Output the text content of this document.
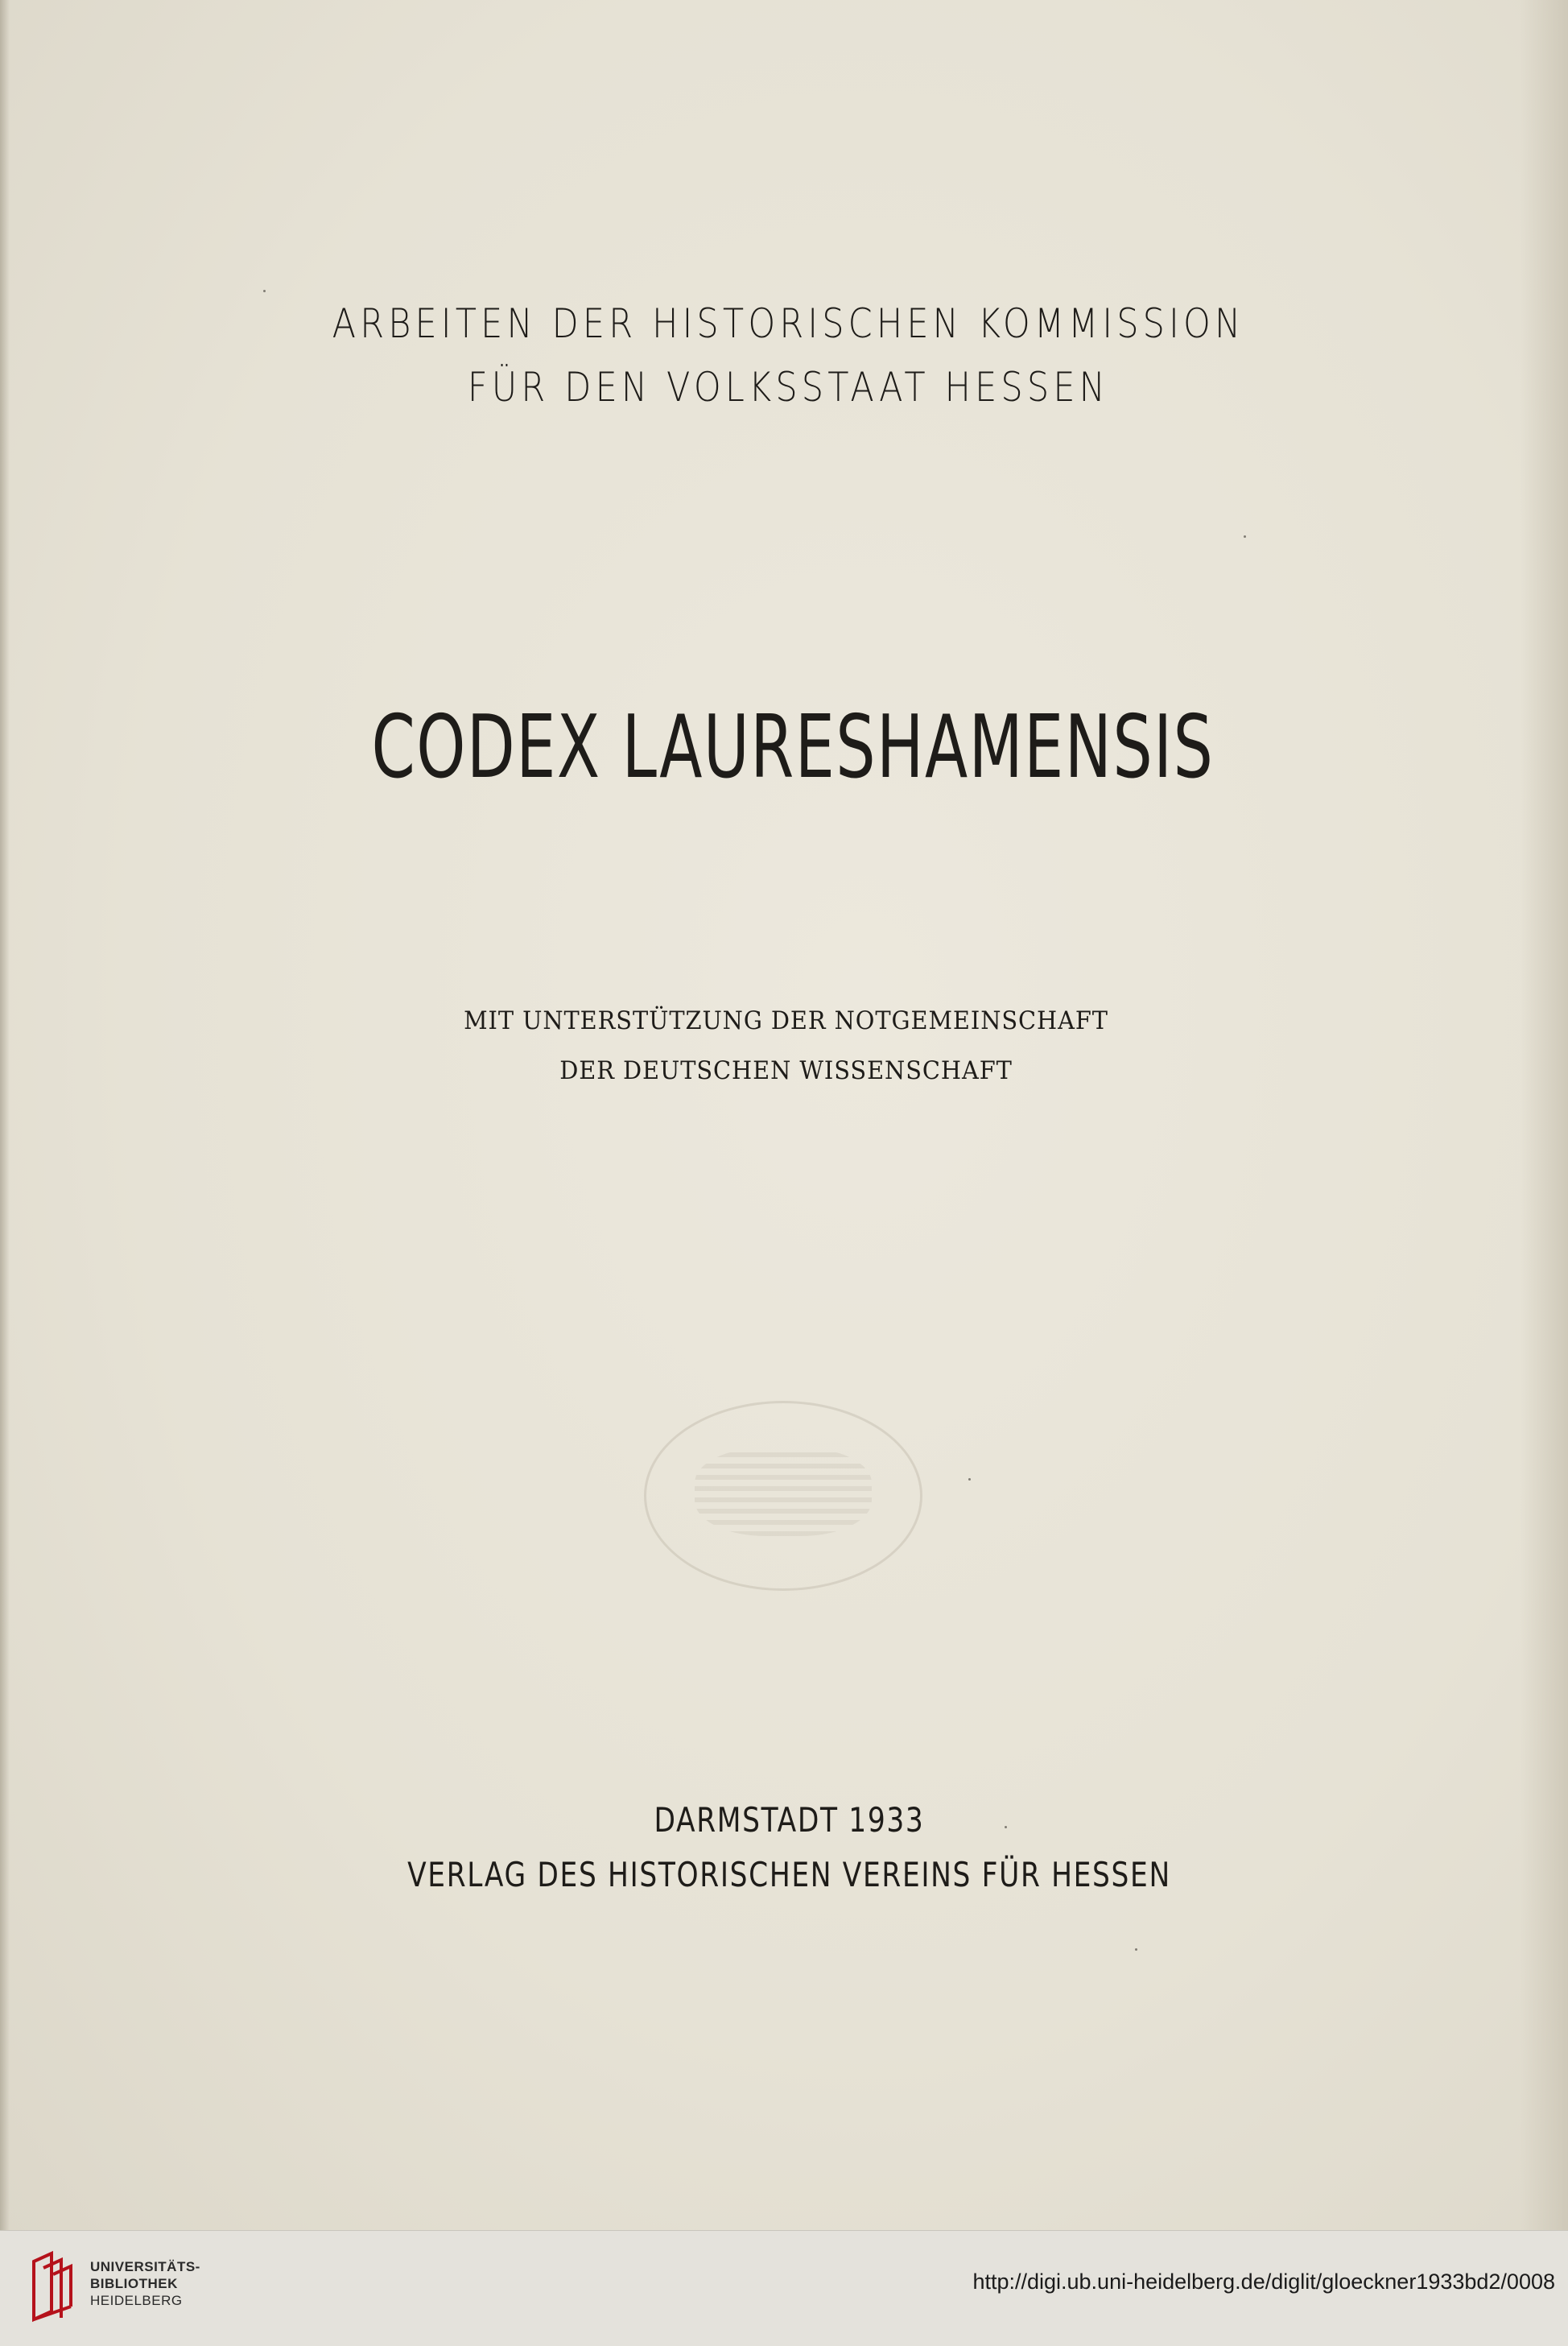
ARBEITEN DER HISTORISCHEN KOMMISSION
FÜR DEN VOLKSSTAAT HESSEN
CODEX LAURESHAMENSIS
MIT UNTERSTÜTZUNG DER NOTGEMEINSCHAFT
DER DEUTSCHEN WISSENSCHAFT
DARMSTADT 1933
VERLAG DES HISTORISCHEN VEREINS FÜR HESSEN
UNIVERSITÄTS-
BIBLIOTHEK
HEIDELBERG
http://digi.ub.uni-heidelberg.de/diglit/gloeckner1933bd2/0008
